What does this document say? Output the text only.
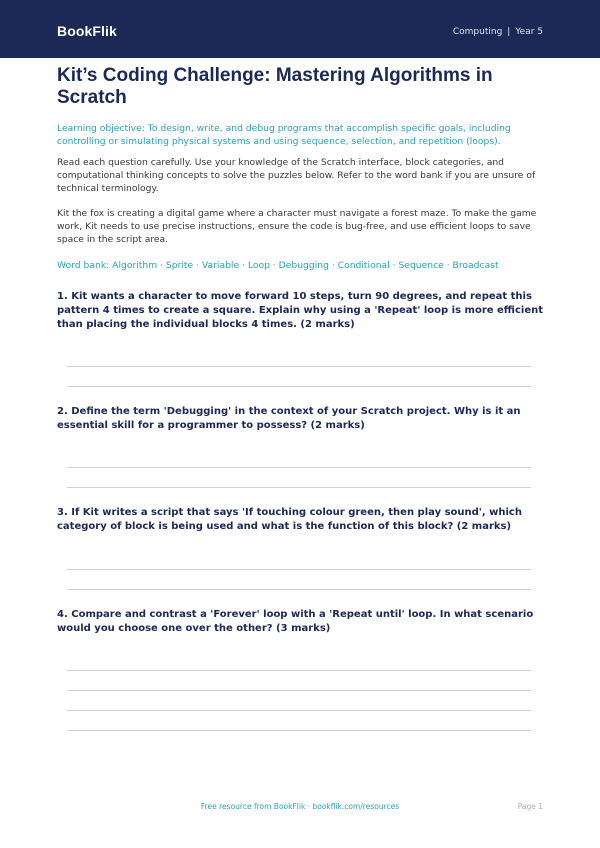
BookFlik	Computing | Year 5
Kit’s Coding Challenge: Mastering Algorithms in Scratch
Learning objective: To design, write, and debug programs that accomplish specific goals, including controlling or simulating physical systems and using sequence, selection, and repetition (loops).
Read each question carefully. Use your knowledge of the Scratch interface, block categories, and computational thinking concepts to solve the puzzles below. Refer to the word bank if you are unsure of technical terminology.
Kit the fox is creating a digital game where a character must navigate a forest maze. To make the game work, Kit needs to use precise instructions, ensure the code is bug-free, and use efficient loops to save space in the script area.
Word bank: Algorithm · Sprite · Variable · Loop · Debugging · Conditional · Sequence · Broadcast
1. Kit wants a character to move forward 10 steps, turn 90 degrees, and repeat this pattern 4 times to create a square. Explain why using a 'Repeat' loop is more efficient than placing the individual blocks 4 times. (2 marks)
2. Define the term 'Debugging' in the context of your Scratch project. Why is it an essential skill for a programmer to possess? (2 marks)
3. If Kit writes a script that says 'If touching colour green, then play sound', which category of block is being used and what is the function of this block? (2 marks)
4. Compare and contrast a 'Forever' loop with a 'Repeat until' loop. In what scenario would you choose one over the other? (3 marks)
Free resource from BookFlik · bookflik.com/resources	Page 1
